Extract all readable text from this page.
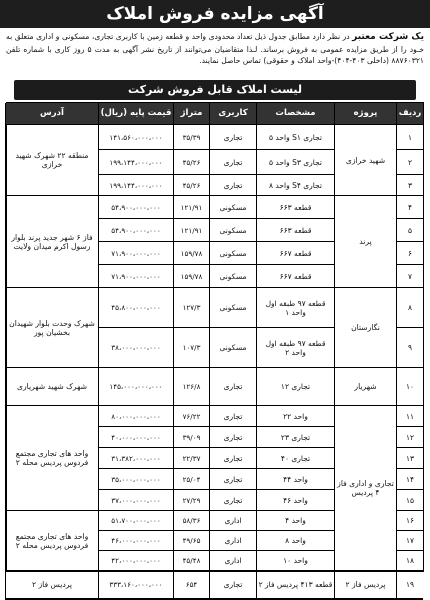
آگهی مزایده فروش املاک
یک شرکت معتبر در نظر دارد مطابق جدول ذیل تعداد محدودی واحد و قطعه زمین با کاربری تجاری، مسکونی و اداری متعلق به خـود را از طریق مزایده عمومی به فروش برساند. لـذا متقاضیان می‌توانند از تاریخ نشر آگهی به مدت ۵ روز کاری با شماره تلفن ۸۸۷۶۰۳۲۱ (داخلی ۴۰۳-۴۰۴)-واحد املاک و حقوقی) تماس حاصل نمایند.
لیست املاک قابل فروش شرکت
ردیف
پروژه
مشخصات
کاربری
متراژ
قیمت پایه (ریال)
آدرس
شهید خرازی
منطقه ۲۲ شهرک شهید خرازی
پرند
فاز ۶ شهر جدید پرند بلوار رسول اکرم میدان ولایت
نگارستان
شهرک وحدت بلوار شهیدان بخشیان پور
شهریار
شهرک شهید شهریاری
تجاری و اداری فاز ۴ پردیس
واحد های تجاری مجتمع فردوس پردیس محله ۲
واحد های تجاری مجتمع فردوس پردیس محله ۲
پردیس فاز ۲
پردیس فاز ۲
۱
تجاری S۱ واحد ۵
تجاری
۳۵/۳۹
۱۴۱،۵۶۰،۰۰۰،۰۰۰
۲
تجاری S۳ واحد ۵
تجاری
۴۵/۲۶
۱۹۹،۱۴۴،۰۰۰،۰۰۰
۳
تجاری S۴ واحد ۸
تجاری
۴۵/۲۶
۱۹۹،۱۴۴،۰۰۰،۰۰۰
۴
قطعه ۶۶۳
مسکونی
۱۲۱/۹۱
۵۴،۹۰۰،۰۰۰،۰۰۰
۵
قطعه ۶۶۳
مسکونی
۱۲۱/۹۱
۵۴،۹۰۰،۰۰۰،۰۰۰
۶
قطعه ۶۶۷
مسکونی
۱۵۹/۷۸
۷۱،۹۰۰،۰۰۰،۰۰۰
۷
قطعه ۶۶۷
مسکونی
۱۵۹/۷۸
۷۱،۹۰۰،۰۰۰،۰۰۰
۸
قطعه ۹۷ طبقه اول واحد ۱
مسکونی
۱۲۷/۳
۴۵،۸۰۰،۰۰۰،۰۰۰
۹
قطعه ۹۷ طبقه اول واحد ۲
مسکونی
۱۰۷/۳
۳۸،۰۰۰،۰۰۰،۰۰۰
۱۰
تجاری ۱۲
تجاری
۱۲۶/۸
۱۴۵،۰۰۰،۰۰۰،۰۰۰
۱۱
واحد ۲۲
تجاری
۷۶/۲۲
۸۰،۰۰۰،۰۰۰،۰۰۰
۱۲
تجاری ۲۳
تجاری
۳۹/۰۹
۴۰،۰۰۰،۰۰۰،۰۰۰
۱۳
تجاری ۴۰
تجاری
۲۲/۳۷
۳۱،۳۸۲،۰۰۰،۰۰۰
۱۴
واحد ۴۴
تجاری
۲۵/۰۴
۳۵،۰۰۰،۰۰۰،۰۰۰
۱۵
واحد ۴۶
تجاری
۲۷/۲۹
۳۷،۰۰۰،۰۰۰،۰۰۰
۱۶
واحد ۴
اداری
۵۸/۳۶
۵۱،۷۰۰،۰۰۰،۰۰۰
۱۷
واحد ۸
اداری
۴۹/۶۵
۴۶،۰۰۰،۰۰۰،۰۰۰
۱۸
واحد ۱۰
اداری
۴۵/۴۸
۴۲،۰۰۰،۰۰۰،۰۰۰
۱۹
قطعه ۴۱۳ پردیس فاز ۲
تجاری
۶۵۴
۳۳۳،۱۶۰،۰۰۰،۰۰۰
